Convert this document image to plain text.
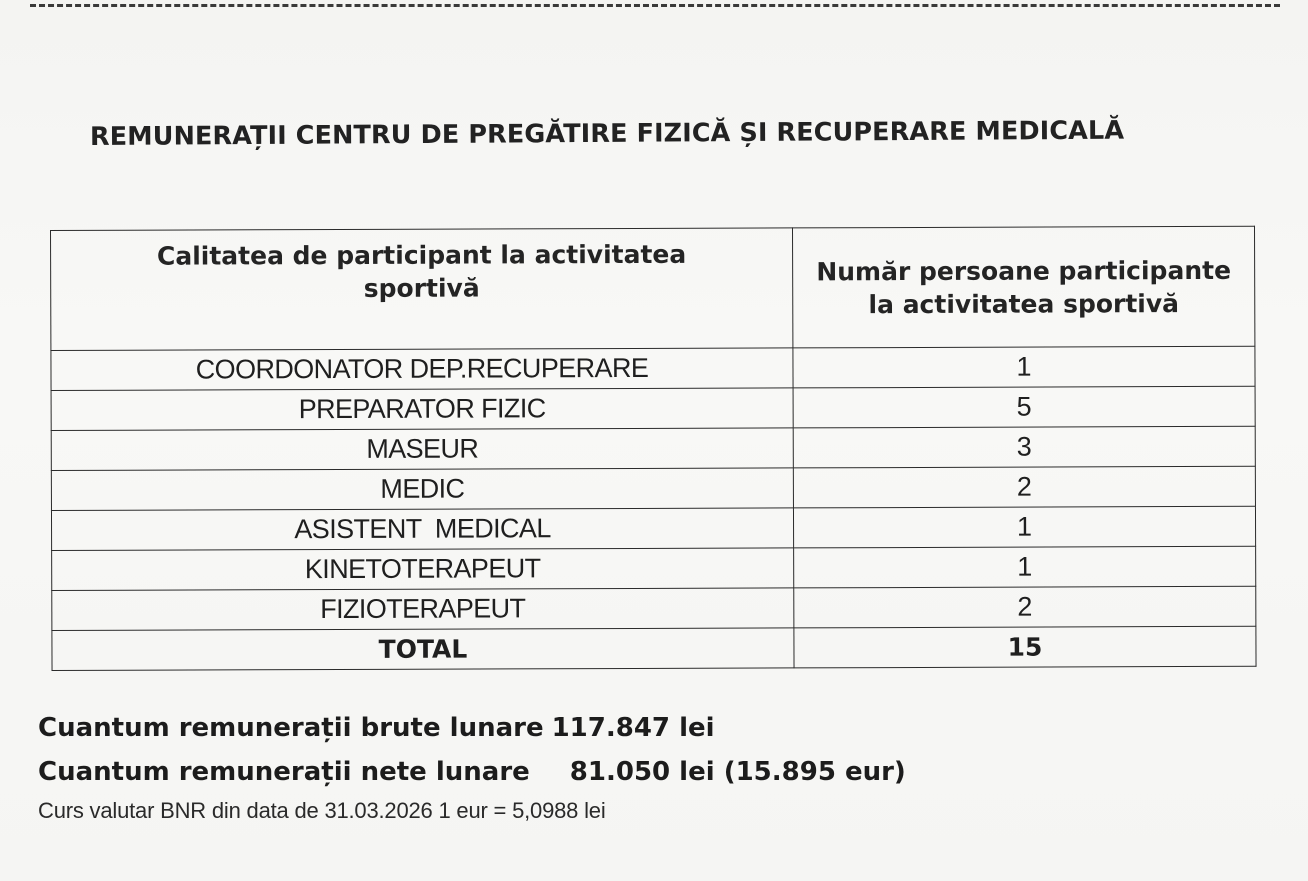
REMUNERAȚII CENTRU DE PREGĂTIRE FIZICĂ ȘI RECUPERARE MEDICALĂ
Calitatea de participant la activitatea sportivă	Număr persoane participante la activitatea sportivă

COORDONATOR DEP.RECUPERARE	1
PREPARATOR FIZIC	5
MASEUR	3
MEDIC	2
ASISTENT  MEDICAL	1
KINETOTERAPEUT	1
FIZIOTERAPEUT	2
TOTAL	15
Cuantum remunerații brute lunare 117.847 lei
Cuantum remunerații nete lunare 81.050 lei (15.895 eur)
Curs valutar BNR din data de 31.03.2026 1 eur = 5,0988 lei
